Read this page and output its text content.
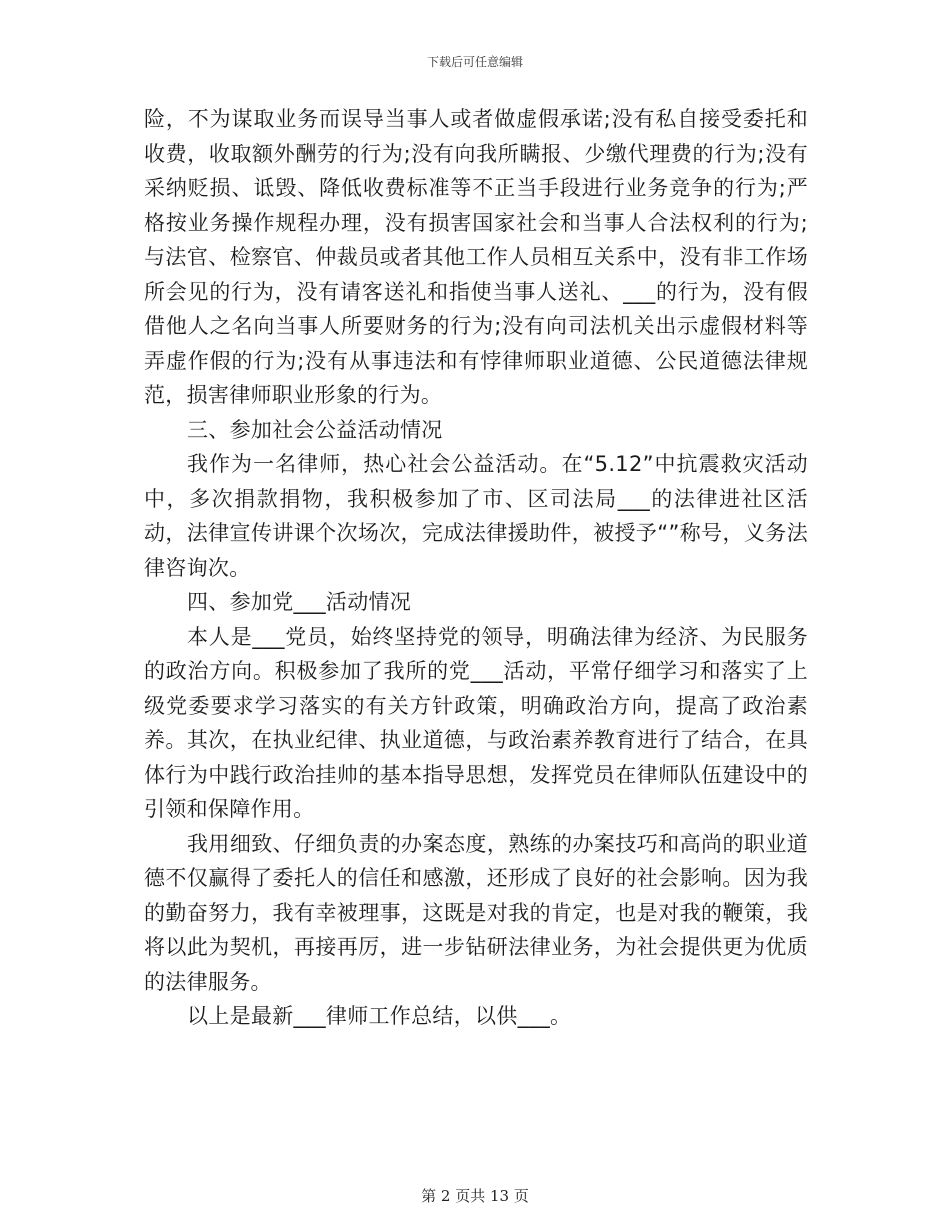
下载后可任意编辑

险，不为谋取业务而误导当事人或者做虚假承诺;没有私自接受委托和收费，收取额外酬劳的行为;没有向我所瞒报、少缴代理费的行为;没有采纳贬损、诋毁、降低收费标准等不正当手段进行业务竞争的行为;严格按业务操作规程办理，没有损害国家社会和当事人合法权利的行为;与法官、检察官、仲裁员或者其他工作人员相互关系中，没有非工作场所会见的行为，没有请客送礼和指使当事人送礼、___的行为，没有假借他人之名向当事人所要财务的行为;没有向司法机关出示虚假材料等弄虚作假的行为;没有从事违法和有悖律师职业道德、公民道德法律规范，损害律师职业形象的行为。

三、参加社会公益活动情况

我作为一名律师，热心社会公益活动。在“5.12”中抗震救灾活动中，多次捐款捐物，我积极参加了市、区司法局___的法律进社区活动，法律宣传讲课个次场次，完成法律援助件，被授予“”称号，义务法律咨询次。

四、参加党___活动情况

本人是___党员，始终坚持党的领导，明确法律为经济、为民服务的政治方向。积极参加了我所的党___活动，平常仔细学习和落实了上级党委要求学习落实的有关方针政策，明确政治方向，提高了政治素养。其次，在执业纪律、执业道德，与政治素养教育进行了结合，在具体行为中践行政治挂帅的基本指导思想，发挥党员在律师队伍建设中的引领和保障作用。

我用细致、仔细负责的办案态度，熟练的办案技巧和高尚的职业道德不仅赢得了委托人的信任和感激，还形成了良好的社会影响。因为我的勤奋努力，我有幸被理事，这既是对我的肯定，也是对我的鞭策，我将以此为契机，再接再厉，进一步钻研法律业务，为社会提供更为优质的法律服务。

以上是最新___律师工作总结，以供___。

第 2 页共 13 页
